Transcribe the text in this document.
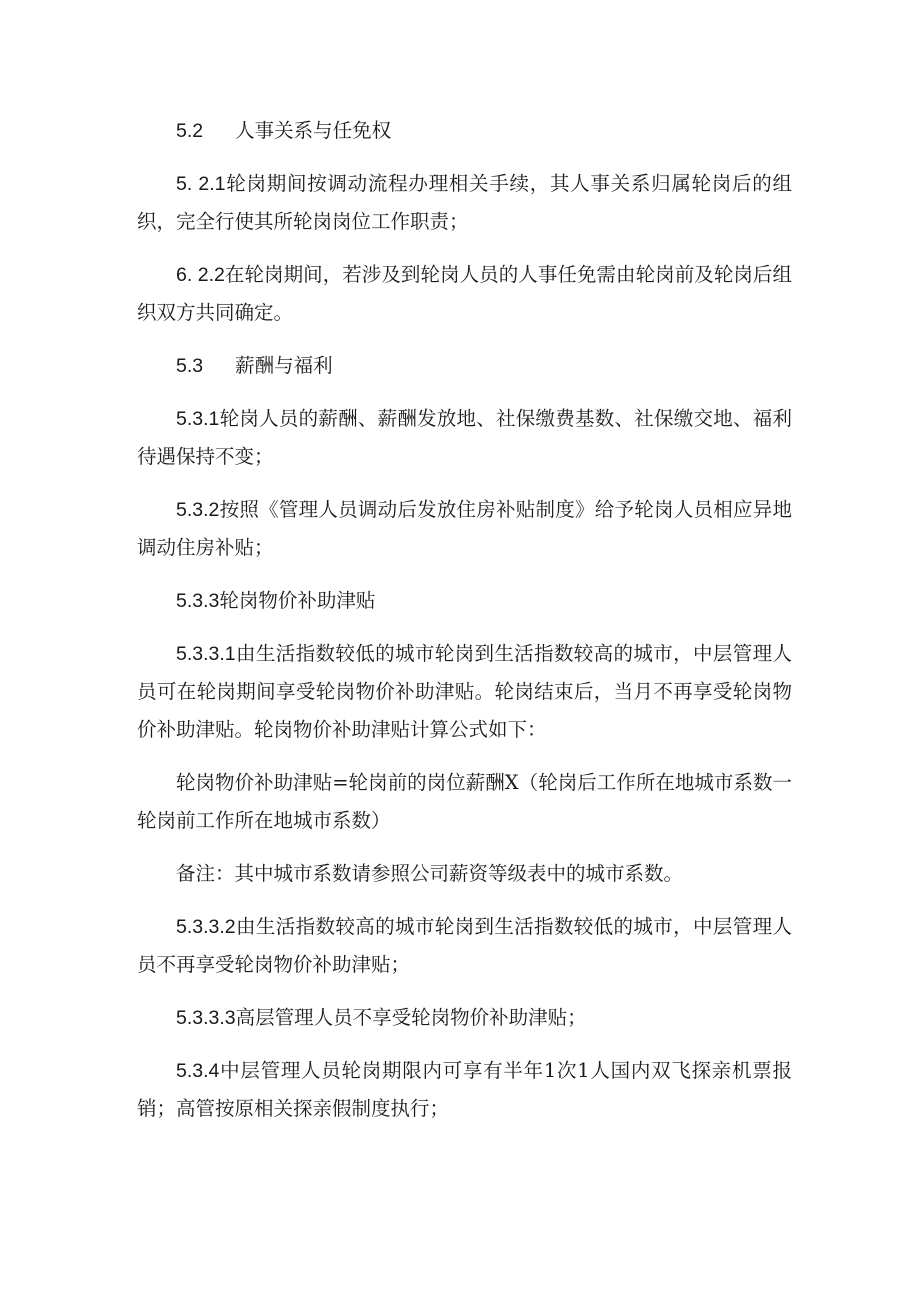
5.2 人事关系与任免权

5. 2.1轮岗期间按调动流程办理相关手续，其人事关系归属轮岗后的组织，完全行使其所轮岗岗位工作职责；

6. 2.2在轮岗期间，若涉及到轮岗人员的人事任免需由轮岗前及轮岗后组织双方共同确定。

5.3 薪酬与福利

5.3.1轮岗人员的薪酬、薪酬发放地、社保缴费基数、社保缴交地、福利待遇保持不变；

5.3.2按照《管理人员调动后发放住房补贴制度》给予轮岗人员相应异地调动住房补贴；

5.3.3轮岗物价补助津贴

5.3.3.1由生活指数较低的城市轮岗到生活指数较高的城市，中层管理人员可在轮岗期间享受轮岗物价补助津贴。轮岗结束后，当月不再享受轮岗物价补助津贴。轮岗物价补助津贴计算公式如下：

轮岗物价补助津贴=轮岗前的岗位薪酬X（轮岗后工作所在地城市系数一轮岗前工作所在地城市系数）

备注：其中城市系数请参照公司薪资等级表中的城市系数。

5.3.3.2由生活指数较高的城市轮岗到生活指数较低的城市，中层管理人员不再享受轮岗物价补助津贴；

5.3.3.3高层管理人员不享受轮岗物价补助津贴；

5.3.4中层管理人员轮岗期限内可享有半年1次1人国内双飞探亲机票报销；高管按原相关探亲假制度执行；
